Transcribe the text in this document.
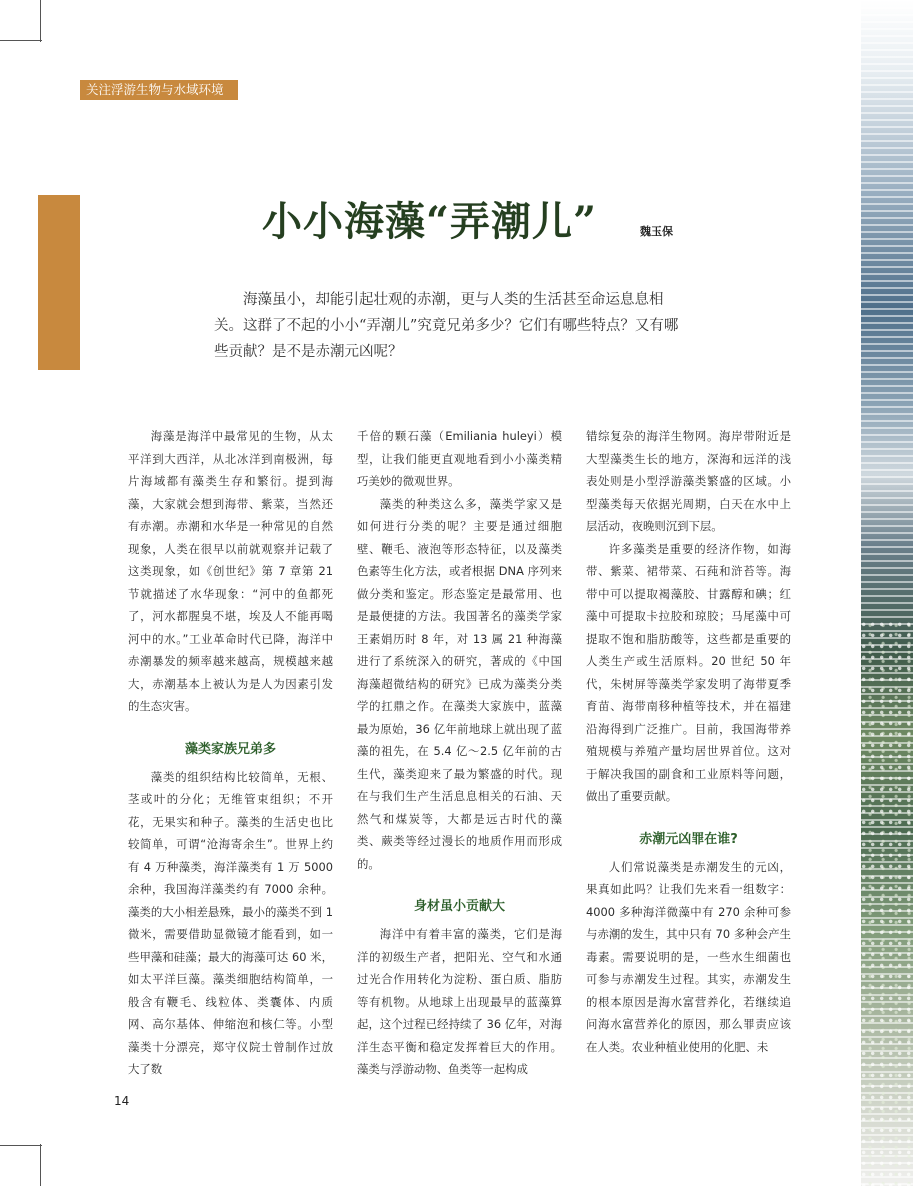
关注浮游生物与水域环境
小小海藻“弄潮儿”	魏玉保

海藻虽小，却能引起壮观的赤潮，更与人类的生活甚至命运息息相关。这群了不起的小小“弄潮儿”究竟兄弟多少？它们有哪些特点？又有哪些贡献？是不是赤潮元凶呢？

海藻是海洋中最常见的生物，从太平洋到大西洋，从北冰洋到南极洲，每片海域都有藻类生存和繁衍。提到海藻，大家就会想到海带、紫菜，当然还有赤潮。赤潮和水华是一种常见的自然现象，人类在很早以前就观察并记载了这类现象，如《创世纪》第 7 章第 21 节就描述了水华现象：“河中的鱼都死了，河水都腥臭不堪，埃及人不能再喝河中的水。”工业革命时代已降，海洋中赤潮暴发的频率越来越高，规模越来越大，赤潮基本上被认为是人为因素引发的生态灾害。

藻类家族兄弟多

藻类的组织结构比较简单，无根、茎或叶的分化；无维管束组织；不开花，无果实和种子。藻类的生活史也比较简单，可谓“沧海寄余生”。世界上约有 4 万种藻类，海洋藻类有 1 万 5000 余种，我国海洋藻类约有 7000 余种。藻类的大小相差悬殊，最小的藻类不到 1 微米，需要借助显微镜才能看到，如一些甲藻和硅藻；最大的海藻可达 60 米，如太平洋巨藻。藻类细胞结构简单，一般含有鞭毛、线粒体、类囊体、内质网、高尔基体、伸缩泡和核仁等。小型藻类十分漂亮，郑守仪院士曾制作过放大了数

千倍的颗石藻（Emiliania huleyi）模型，让我们能更直观地看到小小藻类精巧美妙的微观世界。

藻类的种类这么多，藻类学家又是如何进行分类的呢？主要是通过细胞壁、鞭毛、液泡等形态特征，以及藻类色素等生化方法，或者根据 DNA 序列来做分类和鉴定。形态鉴定是最常用、也是最便捷的方法。我国著名的藻类学家王素娟历时 8 年，对 13 属 21 种海藻进行了系统深入的研究，著成的《中国海藻超微结构的研究》已成为藻类分类学的扛鼎之作。在藻类大家族中，蓝藻最为原始，36 亿年前地球上就出现了蓝藻的祖先，在 5.4 亿～2.5 亿年前的古生代，藻类迎来了最为繁盛的时代。现在与我们生产生活息息相关的石油、天然气和煤炭等，大都是远古时代的藻类、蕨类等经过漫长的地质作用而形成的。

身材虽小贡献大

海洋中有着丰富的藻类，它们是海洋的初级生产者，把阳光、空气和水通过光合作用转化为淀粉、蛋白质、脂肪等有机物。从地球上出现最早的蓝藻算起，这个过程已经持续了 36 亿年，对海洋生态平衡和稳定发挥着巨大的作用。藻类与浮游动物、鱼类等一起构成

错综复杂的海洋生物网。海岸带附近是大型藻类生长的地方，深海和远洋的浅表处则是小型浮游藻类繁盛的区域。小型藻类每天依据光周期，白天在水中上层活动，夜晚则沉到下层。

许多藻类是重要的经济作物，如海带、紫菜、裙带菜、石莼和浒苔等。海带中可以提取褐藻胶、甘露醇和碘；红藻中可提取卡拉胶和琼胶；马尾藻中可提取不饱和脂肪酸等，这些都是重要的人类生产或生活原料。20 世纪 50 年代，朱树屏等藻类学家发明了海带夏季育苗、海带南移种植等技术，并在福建沿海得到广泛推广。目前，我国海带养殖规模与养殖产量均居世界首位。这对于解决我国的副食和工业原料等问题，做出了重要贡献。

赤潮元凶罪在谁?

人们常说藻类是赤潮发生的元凶，果真如此吗？让我们先来看一组数字：4000 多种海洋微藻中有 270 余种可参与赤潮的发生，其中只有 70 多种会产生毒素。需要说明的是，一些水生细菌也可参与赤潮发生过程。其实，赤潮发生的根本原因是海水富营养化，若继续追问海水富营养化的原因，那么罪责应该在人类。农业种植业使用的化肥、未

14
